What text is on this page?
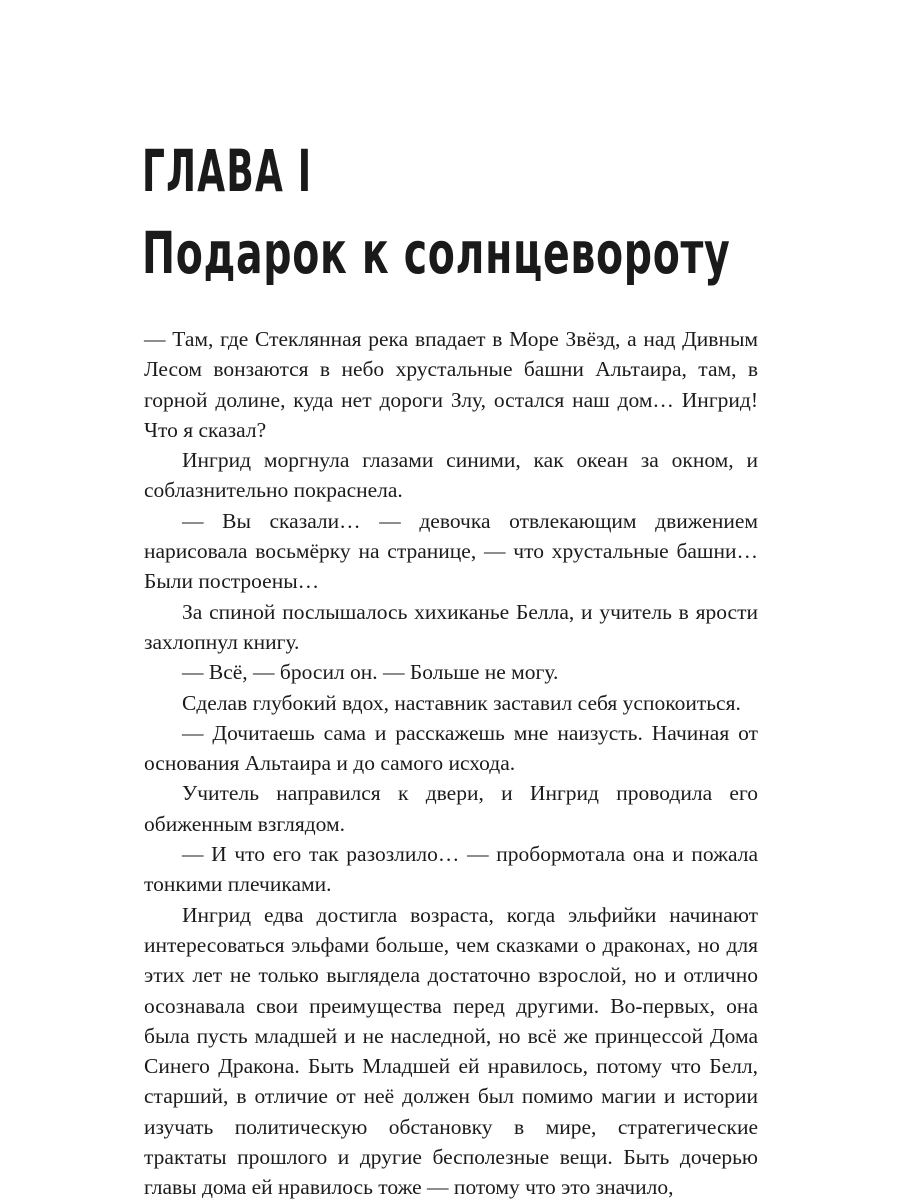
ГЛАВА I
Подарок к солнцевороту

— Там, где Стеклянная река впадает в Море Звёзд, а над Дивным Лесом вонзаются в небо хрустальные башни Альтаира, там, в горной долине, куда нет дороги Злу, остался наш дом… Ингрид! Что я сказал?

Ингрид моргнула глазами синими, как океан за окном, и соблазнительно покраснела.

— Вы сказали… — девочка отвлекающим движением нарисовала восьмёрку на странице, — что хрустальные башни… Были построены…

За спиной послышалось хихиканье Белла, и учитель в ярости захлопнул книгу.

— Всё, — бросил он. — Больше не могу.

Сделав глубокий вдох, наставник заставил себя успокоиться.

— Дочитаешь сама и расскажешь мне наизусть. Начиная от основания Альтаира и до самого исхода.

Учитель направился к двери, и Ингрид проводила его обиженным взглядом.

— И что его так разозлило… — пробормотала она и пожала тонкими плечиками.

Ингрид едва достигла возраста, когда эльфийки начинают интересоваться эльфами больше, чем сказками о драконах, но для этих лет не только выглядела достаточно взрослой, но и отлично осознавала свои преимущества перед другими. Во-первых, она была пусть младшей и не наследной, но всё же принцессой Дома Синего Дракона. Быть Младшей ей нравилось, потому что Белл, старший, в отличие от неё должен был помимо магии и истории изучать политическую обстановку в мире, стратегические трактаты прошлого и другие бесполезные вещи. Быть дочерью главы дома ей нравилось тоже — потому что это значило,
